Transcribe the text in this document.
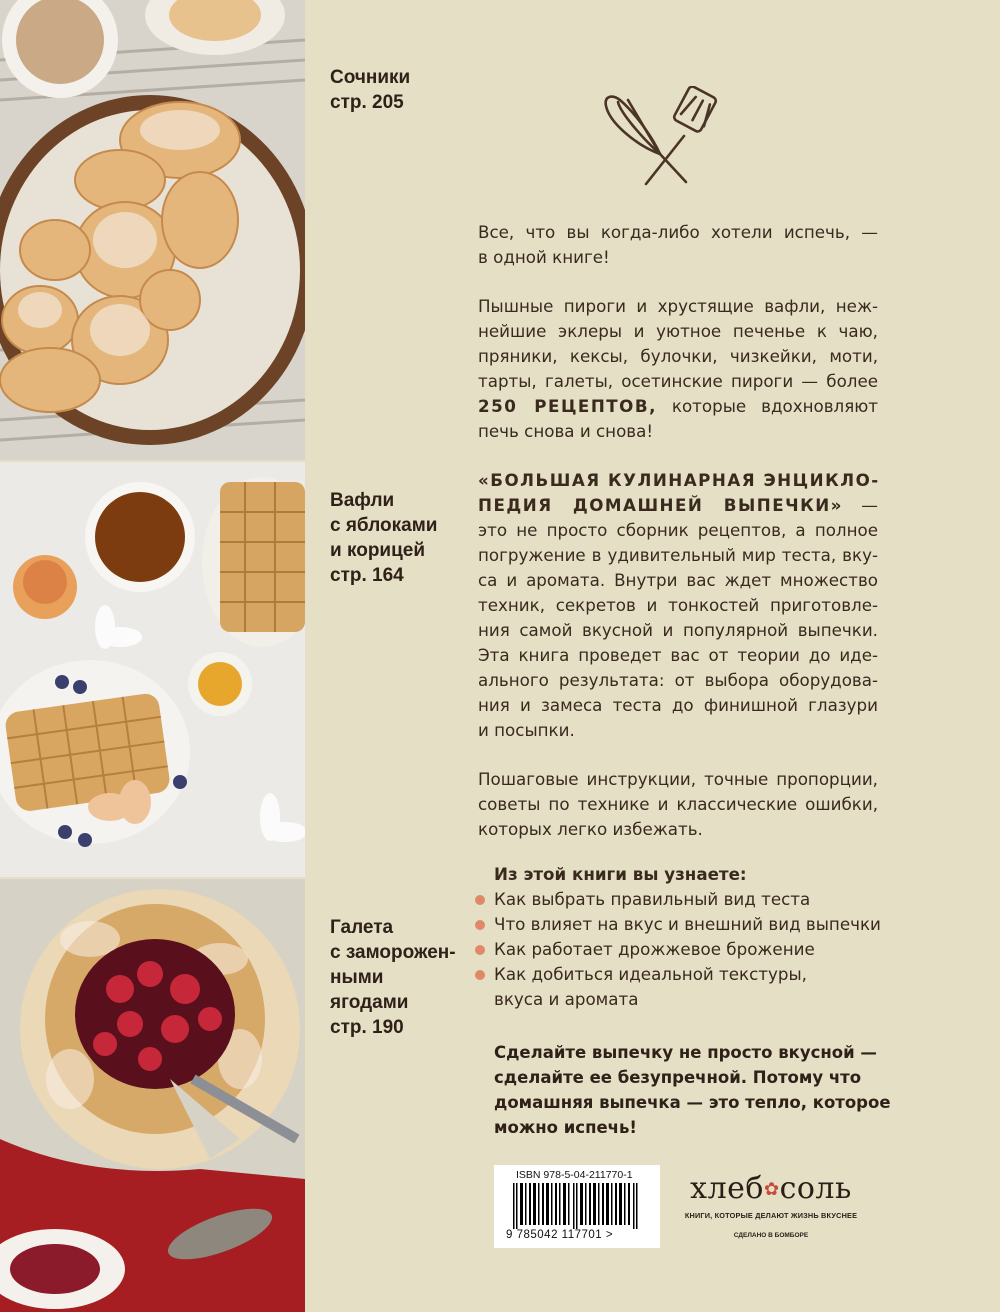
Сочники
стр. 205
Вафли
с яблоками
и корицей
стр. 164
Галета
с заморожен-
ными
ягодами
стр. 190
Все, что вы когда-либо хотели испечь, —
в одной книге!
Пышные пироги и хрустящие вафли, неж-
нейшие эклеры и уютное печенье к чаю,
пряники, кексы, булочки, чизкейки, моти,
тарты, галеты, осетинские пироги — более
250 РЕЦЕПТОВ, которые вдохновляют
печь снова и снова!
«БОЛЬШАЯ КУЛИНАРНАЯ ЭНЦИКЛО-
ПЕДИЯ ДОМАШНЕЙ ВЫПЕЧКИ» —
это не просто сборник рецептов, а полное
погружение в удивительный мир теста, вку-
са и аромата. Внутри вас ждет множество
техник, секретов и тонкостей приготовле-
ния самой вкусной и популярной выпечки.
Эта книга проведет вас от теории до иде-
ального результата: от выбора оборудова-
ния и замеса теста до финишной глазури
и посыпки.
Пошаговые инструкции, точные пропорции,
советы по технике и классические ошибки,
которых легко избежать.
Из этой книги вы узнаете:
Как выбрать правильный вид теста
Что влияет на вкус и внешний вид выпечки
Как работает дрожжевое брожение
Как добиться идеальной текстуры,
вкуса и аромата
Сделайте выпечку не просто вкусной —
сделайте ее безупречной. Потому что
домашняя выпечка — это тепло, которое
можно испечь!
ISBN 978-5-04-211770-1
9 785042 117701 >
хлеб✿соль
КНИГИ, КОТОРЫЕ ДЕЛАЮТ ЖИЗНЬ ВКУСНЕЕ
СДЕЛАНО В БОМБОРЕ
